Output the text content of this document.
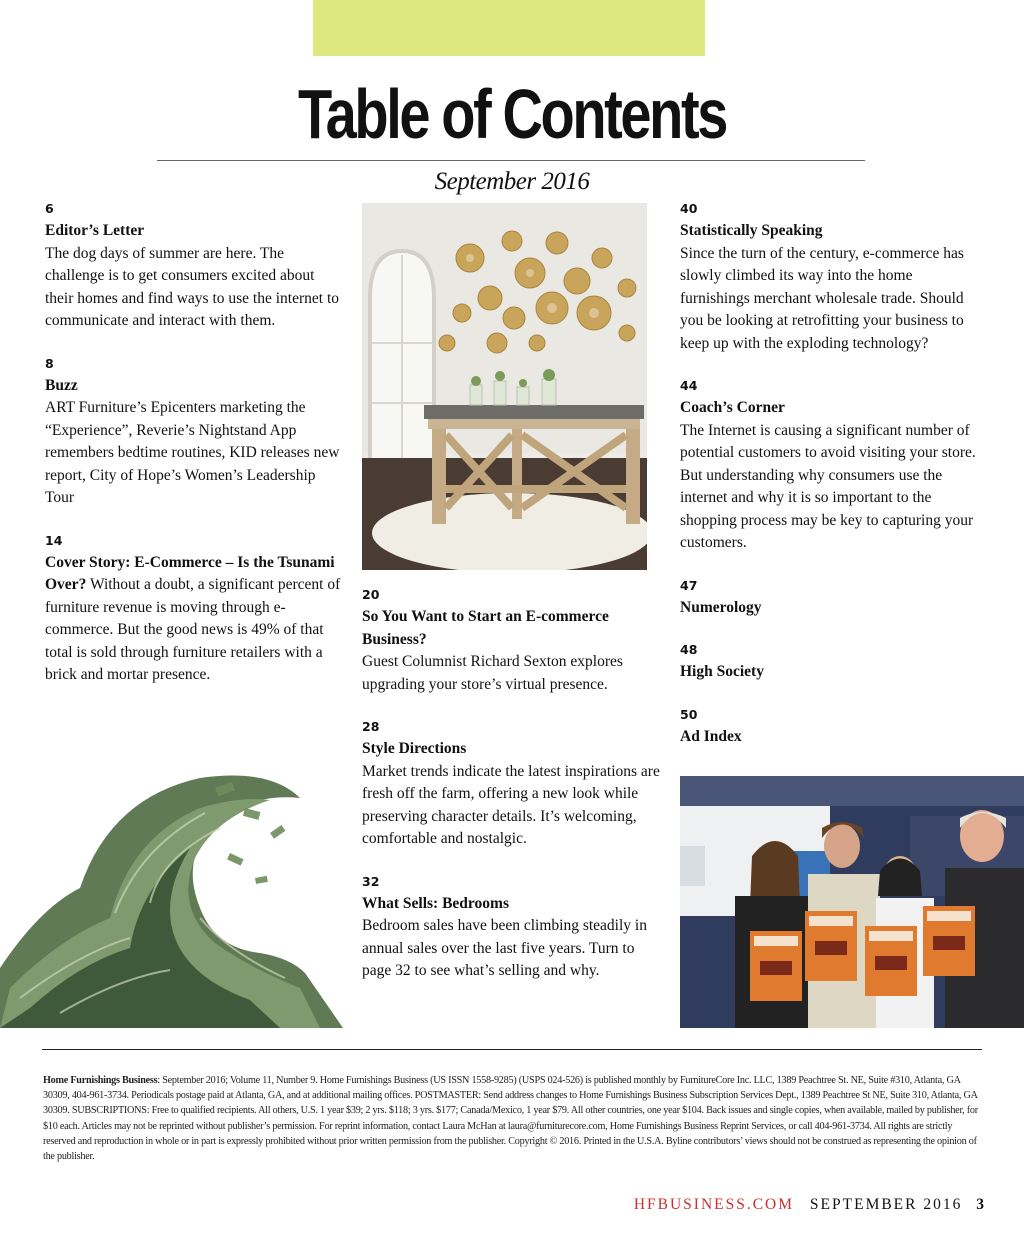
Table of Contents
September 2016
6
Editor’s Letter
The dog days of summer are here. The challenge is to get consumers excited about their homes and find ways to use the internet to communicate and interact with them.
8
Buzz
ART Furniture’s Epicenters marketing the “Experience”, Reverie’s Nightstand App remembers bedtime routines, KID releases new report, City of Hope’s Women’s Leadership Tour
14
Cover Story: E-Commerce – Is the Tsunami Over? Without a doubt, a significant percent of furniture revenue is moving through e-commerce. But the good news is 49% of that total is sold through furniture retailers with a brick and mortar presence.
20
So You Want to Start an E-commerce Business?
Guest Columnist Richard Sexton explores upgrading your store’s virtual presence.
28
Style Directions
Market trends indicate the latest inspirations are fresh off the farm, offering a new look while preserving character details. It’s welcoming, comfortable and nostalgic.
32
What Sells: Bedrooms
Bedroom sales have been climbing steadily in annual sales over the last five years. Turn to page 32 to see what’s selling and why.
40
Statistically Speaking
Since the turn of the century, e-commerce has slowly climbed its way into the home furnishings merchant wholesale trade. Should you be looking at retrofitting your business to keep up with the exploding technology?
44
Coach’s Corner
The Internet is causing a significant number of potential customers to avoid visiting your store. But understanding why consumers use the internet and why it is so important to the shopping process may be key to capturing your customers.
47
Numerology
48
High Society
50
Ad Index
Home Furnishings Business: September 2016; Volume 11, Number 9. Home Furnishings Business (US ISSN 1558-9285) (USPS 024-526) is published monthly by FurnitureCore Inc. LLC, 1389 Peachtree St. NE, Suite #310, Atlanta, GA 30309, 404-961-3734. Periodicals postage paid at Atlanta, GA, and at additional mailing offices. POSTMASTER: Send address changes to Home Furnishings Business Subscription Services Dept., 1389 Peachtree St NE, Suite 310, Atlanta, GA 30309. SUBSCRIPTIONS: Free to qualified recipients. All others, U.S. 1 year $39; 2 yrs. $118; 3 yrs. $177; Canada/Mexico, 1 year $79. All other countries, one year $104. Back issues and single copies, when available, mailed by publisher, for $10 each. Articles may not be reprinted without publisher’s permission. For reprint information, contact Laura McHan at laura@furniturecore.com, Home Furnishings Business Reprint Services, or call 404-961-3734. All rights are strictly reserved and reproduction in whole or in part is expressly prohibited without prior written permission from the publisher. Copyright © 2016. Printed in the U.S.A. Byline contributors’ views should not be construed as representing the opinion of the publisher.
HFBUSINESS.COM SEPTEMBER 2016 3
